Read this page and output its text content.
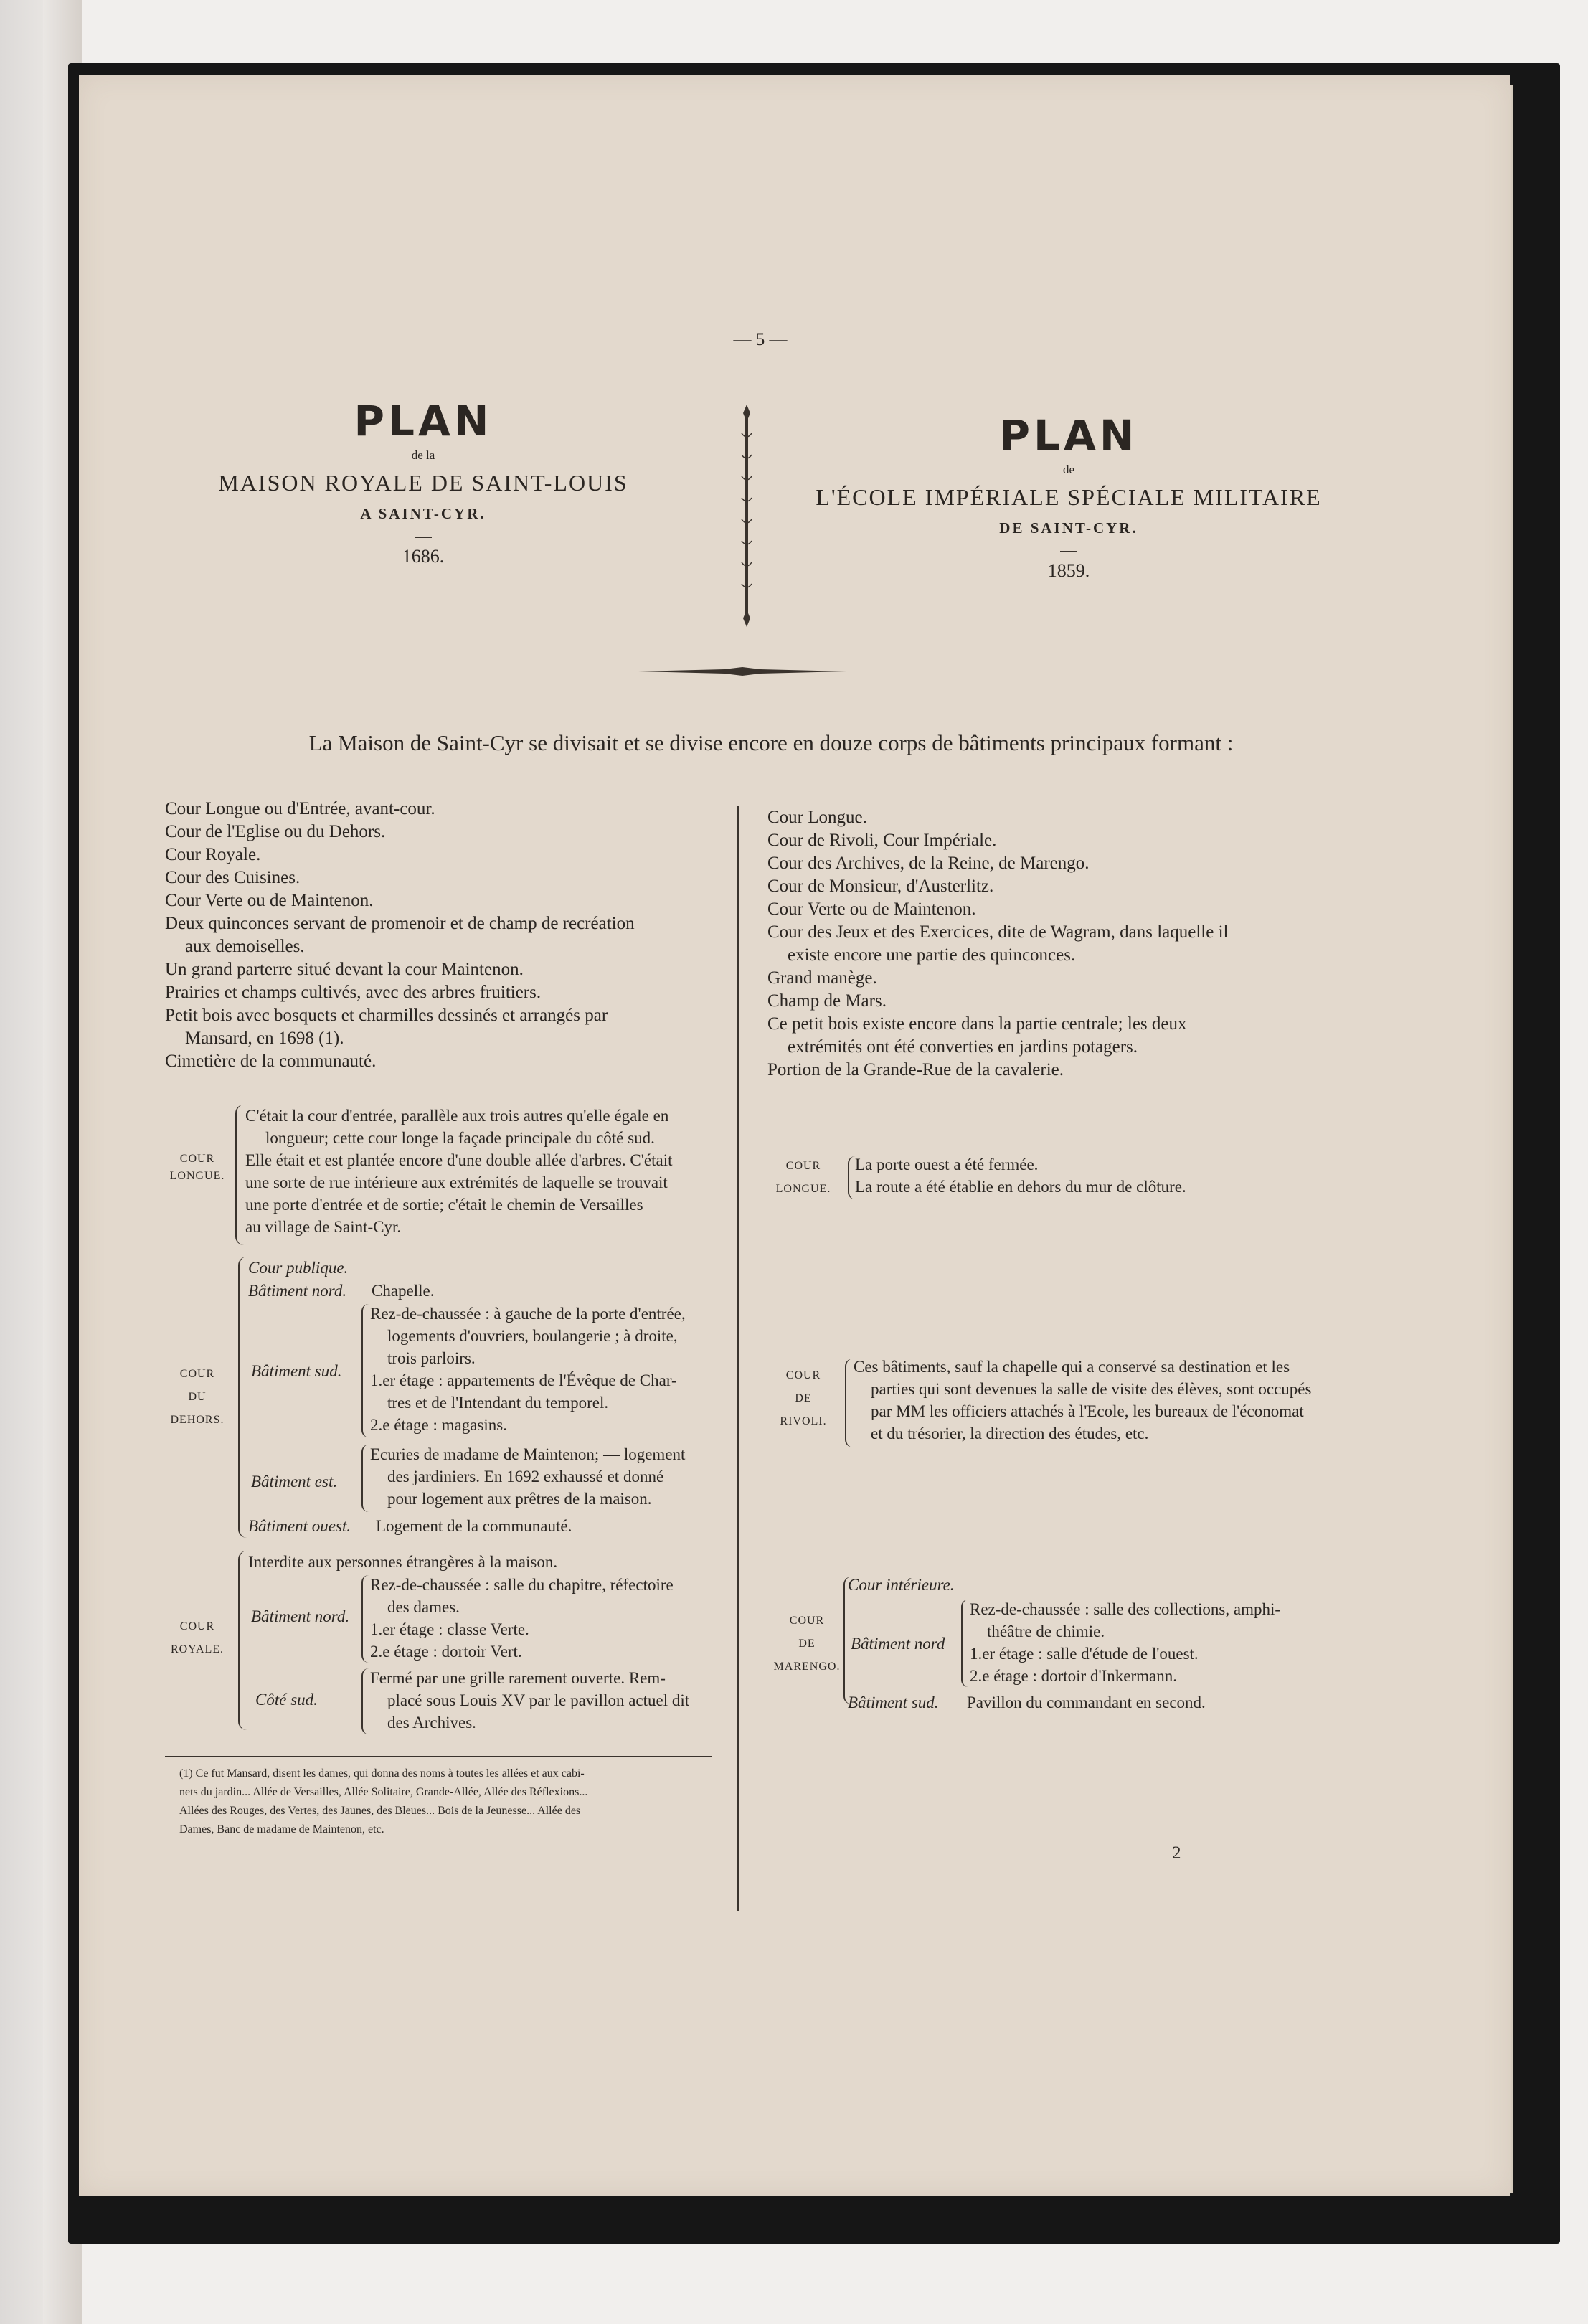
— 5 —
PLAN
de la
MAISON ROYALE DE SAINT-LOUIS
A SAINT-CYR.
1686.
PLAN
de
L'ÉCOLE IMPÉRIALE SPÉCIALE MILITAIRE
DE SAINT-CYR.
1859.
La Maison de Saint-Cyr se divisait et se divise encore en douze corps de bâtiments principaux formant :
Cour Longue ou d'Entrée, avant-cour.
Cour de l'Eglise ou du Dehors.
Cour Royale.
Cour des Cuisines.
Cour Verte ou de Maintenon.
Deux quinconces servant de promenoir et de champ de recréation
aux demoiselles.
Un grand parterre situé devant la cour Maintenon.
Prairies et champs cultivés, avec des arbres fruitiers.
Petit bois avec bosquets et charmilles dessinés et arrangés par
Mansard, en 1698 (1).
Cimetière de la communauté.
Cour Longue.
Cour de Rivoli, Cour Impériale.
Cour des Archives, de la Reine, de Marengo.
Cour de Monsieur, d'Austerlitz.
Cour Verte ou de Maintenon.
Cour des Jeux et des Exercices, dite de Wagram, dans laquelle il
existe encore une partie des quinconces.
Grand manège.
Champ de Mars.
Ce petit bois existe encore dans la partie centrale; les deux
extrémités ont été converties en jardins potagers.
Portion de la Grande-Rue de la cavalerie.
COUR
LONGUE.
C'était la cour d'entrée, parallèle aux trois autres qu'elle égale en
longueur; cette cour longe la façade principale du côté sud.
Elle était et est plantée encore d'une double allée d'arbres. C'était
une sorte de rue intérieure aux extrémités de laquelle se trouvait
une porte d'entrée et de sortie; c'était le chemin de Versailles
au village de Saint-Cyr.
COUR
DU
DEHORS.
Cour publique.
Bâtiment nord. Chapelle.
Bâtiment sud.
Rez-de-chaussée : à gauche de la porte d'entrée,
logements d'ouvriers, boulangerie ; à droite,
trois parloirs.
1.er étage : appartements de l'Évêque de Char-
tres et de l'Intendant du temporel.
2.e étage : magasins.
Bâtiment est.
Ecuries de madame de Maintenon; — logement
des jardiniers. En 1692 exhaussé et donné
pour logement aux prêtres de la maison.
Bâtiment ouest. Logement de la communauté.
COUR
ROYALE.
Interdite aux personnes étrangères à la maison.
Bâtiment nord.
Rez-de-chaussée : salle du chapitre, réfectoire
des dames.
1.er étage : classe Verte.
2.e étage : dortoir Vert.
Côté sud.
Fermé par une grille rarement ouverte. Rem-
placé sous Louis XV par le pavillon actuel dit
des Archives.
(1) Ce fut Mansard, disent les dames, qui donna des noms à toutes les allées et aux cabi-
nets du jardin... Allée de Versailles, Allée Solitaire, Grande-Allée, Allée des Réflexions...
Allées des Rouges, des Vertes, des Jaunes, des Bleues... Bois de la Jeunesse... Allée des
Dames, Banc de madame de Maintenon, etc.
COUR
LONGUE.
La porte ouest a été fermée.
La route a été établie en dehors du mur de clôture.
COUR
DE
RIVOLI.
Ces bâtiments, sauf la chapelle qui a conservé sa destination et les
parties qui sont devenues la salle de visite des élèves, sont occupés
par MM les officiers attachés à l'Ecole, les bureaux de l'économat
et du trésorier, la direction des études, etc.
COUR
DE
MARENGO.
Cour intérieure.
Bâtiment nord
Rez-de-chaussée : salle des collections, amphi-
théâtre de chimie.
1.er étage : salle d'étude de l'ouest.
2.e étage : dortoir d'Inkermann.
Bâtiment sud. Pavillon du commandant en second.
2
